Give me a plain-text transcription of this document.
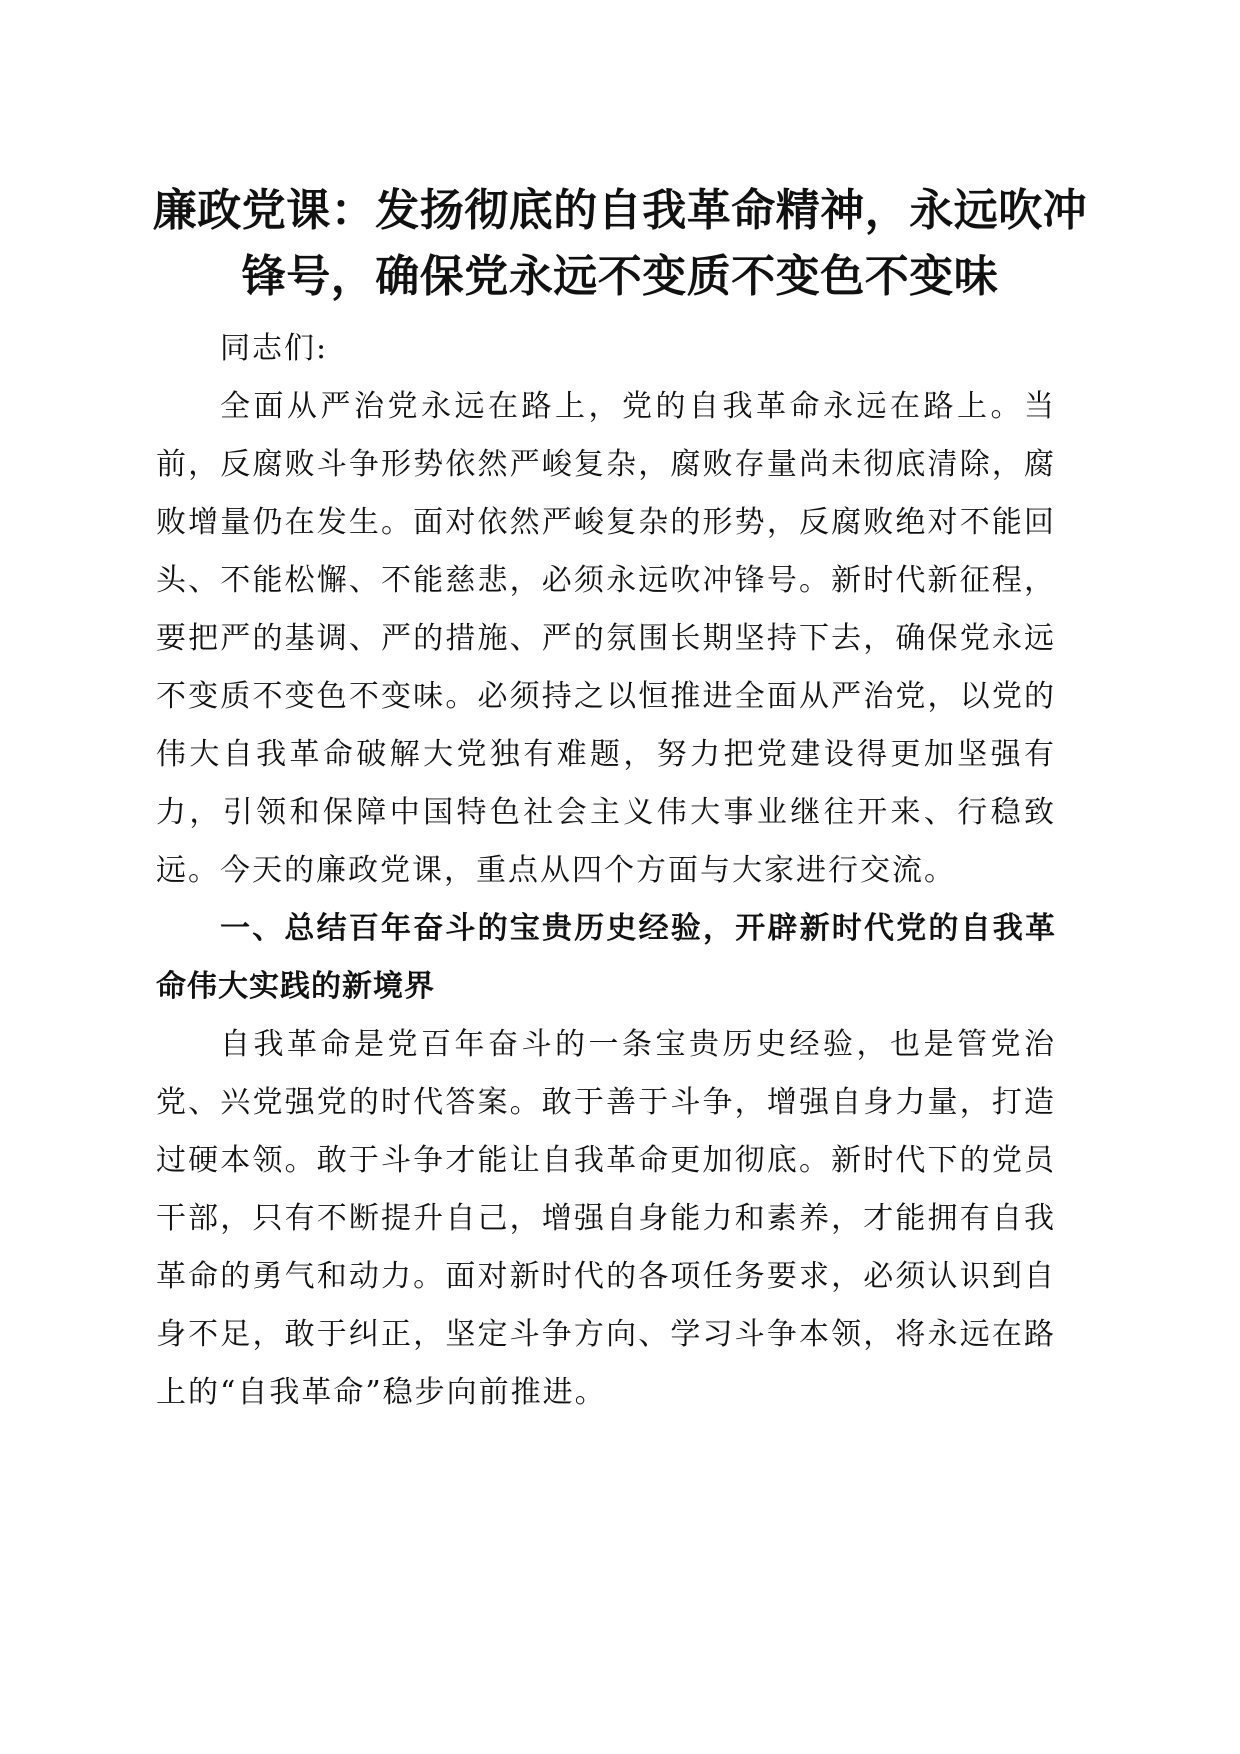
廉政党课：发扬彻底的自我革命精神，永远吹冲锋号，确保党永远不变质不变色不变味

同志们:

全面从严治党永远在路上，党的自我革命永远在路上。当前，反腐败斗争形势依然严峻复杂，腐败存量尚未彻底清除，腐败增量仍在发生。面对依然严峻复杂的形势，反腐败绝对不能回头、不能松懈、不能慈悲，必须永远吹冲锋号。新时代新征程，要把严的基调、严的措施、严的氛围长期坚持下去，确保党永远不变质不变色不变味。必须持之以恒推进全面从严治党，以党的伟大自我革命破解大党独有难题，努力把党建设得更加坚强有力，引领和保障中国特色社会主义伟大事业继往开来、行稳致远。今天的廉政党课，重点从四个方面与大家进行交流。

一、总结百年奋斗的宝贵历史经验，开辟新时代党的自我革命伟大实践的新境界

自我革命是党百年奋斗的一条宝贵历史经验，也是管党治党、兴党强党的时代答案。敢于善于斗争，增强自身力量，打造过硬本领。敢于斗争才能让自我革命更加彻底。新时代下的党员干部，只有不断提升自己，增强自身能力和素养，才能拥有自我革命的勇气和动力。面对新时代的各项任务要求，必须认识到自身不足，敢于纠正，坚定斗争方向、学习斗争本领，将永远在路上的“自我革命”稳步向前推进。
